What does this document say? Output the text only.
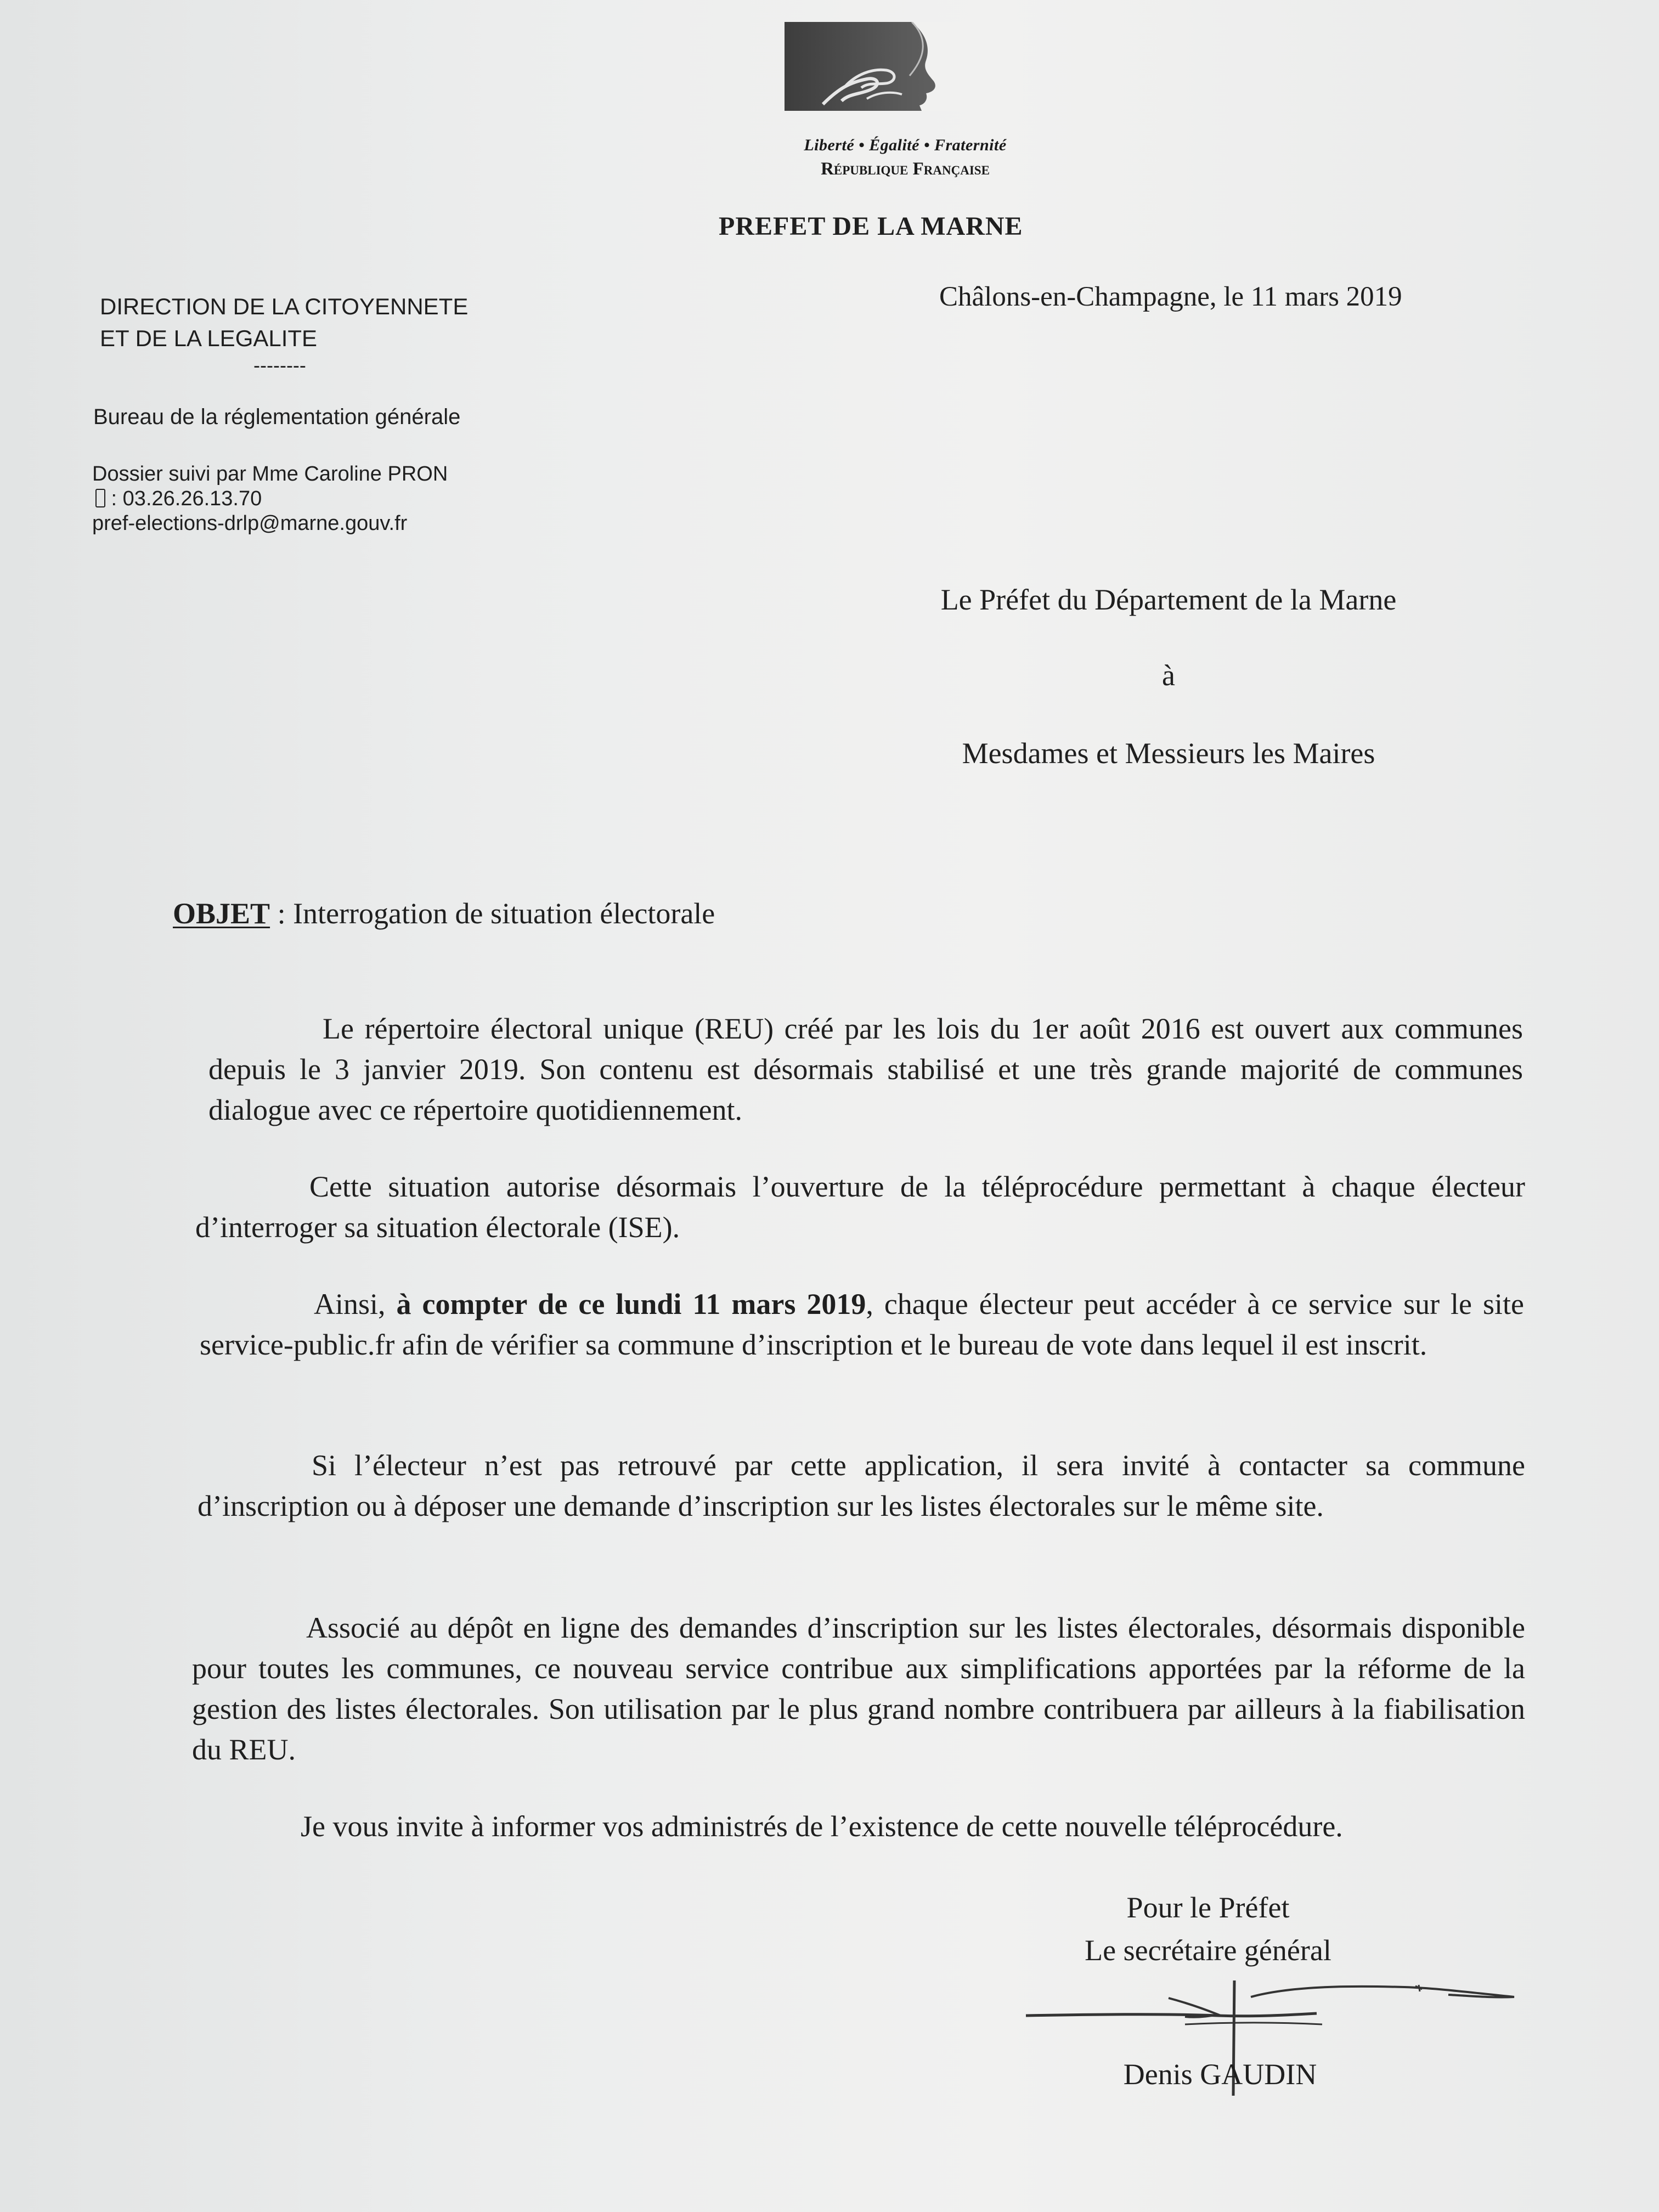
Liberté • Égalité • Fraternité
République Française
PREFET DE LA MARNE
DIRECTION DE LA CITOYENNETE
ET DE LA LEGALITE
--------
Bureau de la réglementation générale
Dossier suivi par Mme Caroline PRON
: 03.26.26.13.70
pref-elections-drlp@marne.gouv.fr
Châlons-en-Champagne, le 11 mars 2019
Le Préfet du Département de la Marne
à
Mesdames et Messieurs les Maires
OBJET : Interrogation de situation électorale

Le répertoire électoral unique (REU) créé par les lois du 1er août 2016 est ouvert aux communes depuis le 3 janvier 2019. Son contenu est désormais stabilisé et une très grande majorité de communes dialogue avec ce répertoire quotidiennement.

Cette situation autorise désormais l’ouverture de la téléprocédure permettant à chaque électeur d’interroger sa situation électorale (ISE).

Ainsi, à compter de ce lundi 11 mars 2019, chaque électeur peut accéder à ce service sur le site service-public.fr afin de vérifier sa commune d’inscription et le bureau de vote dans lequel il est inscrit.

Si l’électeur n’est pas retrouvé par cette application, il sera invité à contacter sa commune d’inscription ou à déposer une demande d’inscription sur les listes électorales sur le même site.

Associé au dépôt en ligne des demandes d’inscription sur les listes électorales, désormais disponible pour toutes les communes, ce nouveau service contribue aux simplifications apportées par la réforme de la gestion des listes électorales. Son utilisation par le plus grand nombre contribuera par ailleurs à la fiabilisation du REU.

Je vous invite à informer vos administrés de l’existence de cette nouvelle téléprocédure.

Pour le Préfet
Le secrétaire général
Denis GAUDIN
